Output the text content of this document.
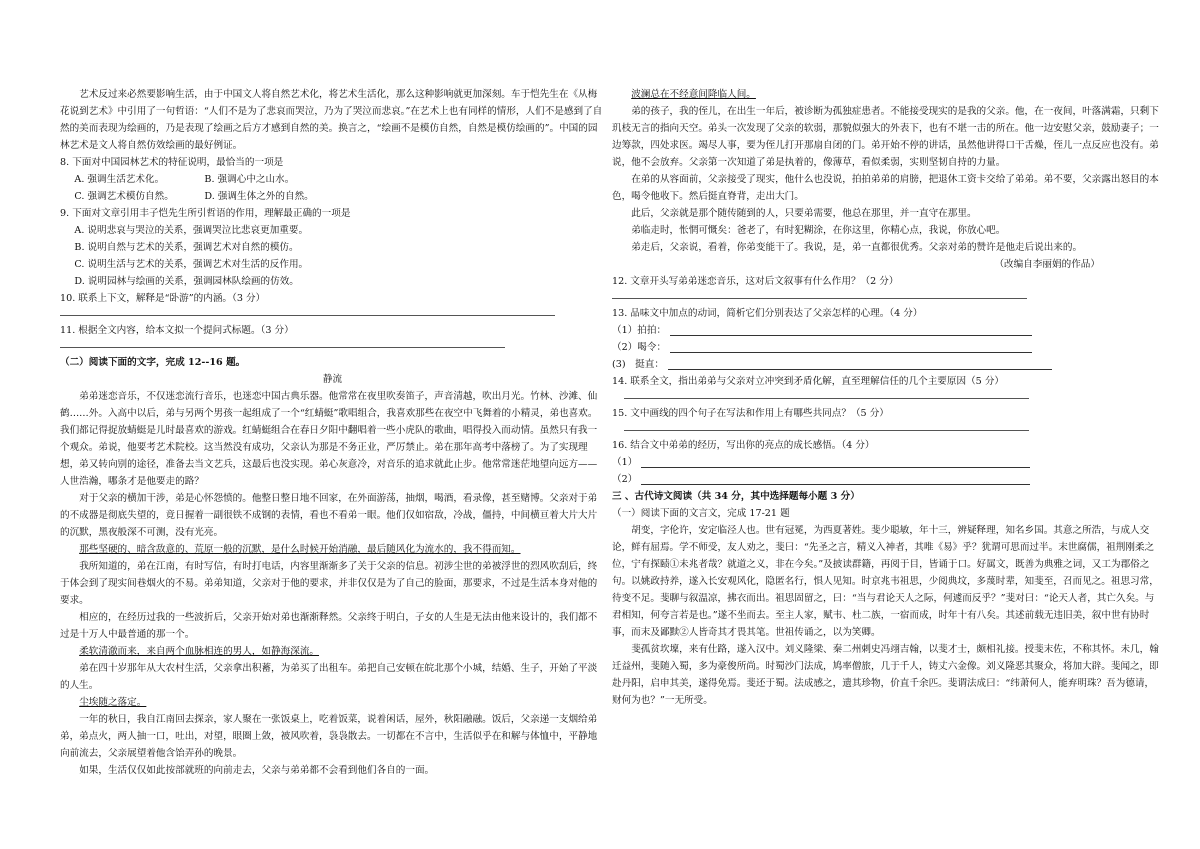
艺术反过来必然要影响生活，由于中国文人将自然艺术化，将艺术生活化，那么这种影响就更加深刻。车于恺先生在《从梅花说到艺术》中引用了一句哲语：“人们不是为了悲哀而哭泣，乃为了哭泣而悲哀。”在艺术上也有同样的情形，人们不是感到了自然的美而表现为绘画的，乃是表现了绘画之后方才感到自然的美。换言之，“绘画不是模仿自然，自然是模仿绘画的”。中国的园林艺术是文人将自然仿效绘画的最好例证。

8. 下面对中国园林艺术的特征说明，最恰当的一项是

A. 强调生活艺术化。	B. 强调心中之山水。
C. 强调艺术模仿自然。	D. 强调生体之外的自然。

9. 下面对文章引用丰子恺先生所引哲语的作用，理解最正确的一项是

A. 说明悲哀与哭泣的关系，强调哭泣比悲哀更加重要。

B. 说明自然与艺术的关系，强调艺术对自然的模仿。

C. 说明生活与艺术的关系，强调艺术对生活的反作用。

D. 说明园林与绘画的关系，强调园林队绘画的仿效。

10. 联系上下文，解释是“卧游”的内涵。（3 分）

11. 根据全文内容，给本文拟一个提问式标题。（3 分）

（二）阅读下面的文字，完成 12--16 题。

静流

弟弟迷恋音乐，不仅迷恋流行音乐，也迷恋中国古典乐器。他常常在夜里吹奏笛子，声音清越，吹出月光。竹林、沙滩、仙鹤……外。入高中以后，弟与另两个男孩一起组成了一个“红蜻蜓”歌唱组合，我喜欢那些在夜空中飞舞着的小精灵，弟也喜欢。我们都记得捉放蜻蜓是儿时最喜欢的游戏。红蜻蜓组合在春日夕阳中翻唱着一些小虎队的歌曲，唱得投入而动情。虽然只有我一个观众。弟说，他要考艺术院校。这当然没有成功，父亲认为那是不务正业，严厉禁止。弟在那年高考中落榜了。为了实现理想，弟又转向别的途径，准备去当文艺兵，这最后也没实现。弟心灰意冷，对音乐的追求就此止步。他常常迷茫地望向远方——人世浩瀚，哪条才是他要走的路？

对于父亲的横加干涉，弟是心怀怨愤的。他整日整日地不回家，在外面游荡，抽烟，喝酒，看录像，甚至赌博。父亲对于弟的不成器是彻底失望的，竟日握着一副很铁不成钢的表情，看也不看弟一眼。他们仅如宿敌，冷战，僵持，中间横亘着大片大片的沉默，黑夜般深不可测，没有光亮。

那些坚硬的、暗含敌意的、荒原一般的沉默，是什么时候开始消融，最后随风化为流水的，我不得而知。

我所知道的，弟在江南，有时写信，有时打电话，内容里渐渐多了关于父亲的信息。初涉尘世的弟被浮世的烈风吹刮后，终于体会到了现实间巷烟火的不易。弟弟知道，父亲对于他的要求，并非仅仅是为了自己的脸面，那要求，不过是生活本身对他的要求。

相应的，在经历过我的一些波折后，父亲开始对弟也渐渐释然。父亲终于明白，子女的人生是无法由他来设计的，我们都不过是十万人中最普通的那一个。

柔软清澈而来，来自两个血脉相连的男人，如静海深流。

弟在四十岁那年从大农村生活，父亲拿出积蓄，为弟买了出租车。弟把自己安顿在皖北那个小城，结婚、生子，开始了平淡的人生。

尘埃随之落定。

一年的秋日，我自江南回去探亲，家人聚在一张饭桌上，吃着饭菜，说着闲话，屋外，秋阳融融。饭后，父亲递一支烟给弟弟，弟点火，两人抽一口，吐出，对望，眼圈上敛，被风吹着，袅袅散去。一切都在不言中，生活似乎在和解与体恤中，平静地向前流去，父亲展望着他含饴弄孙的晚景。

如果，生活仅仅如此按部就班的向前走去，父亲与弟弟都不会看到他们各自的一面。

波澜总在不经意间降临人间。

弟的孩子，我的侄儿，在出生一年后，被诊断为孤独症患者。不能接受现实的是我的父亲。他，在一夜间，叶落满霜，只剩下玑枝无言的指向天空。弟头一次发现了父亲的软弱，那貌似强大的外表下，也有不堪一击的所在。他一边安慰父亲，鼓励妻子；一边筹款，四处求医。竭尽人事，要为侄儿打开那扇自闭的门。弟开始不停的讲话，虽然他讲得口干舌燥，侄儿一点反应也没有。弟说，他不会放弃。父亲第一次知道了弟是执着的，像薄草，看似柔弱，实则坚韧自持的力量。

在弟的从容面前，父亲接受了现实，他什么也没说，拍拍弟弟的肩膀，把退休工资卡交给了弟弟。弟不要，父亲露出怒目的本色，喝令他收下。然后挺直脊背，走出大门。

此后，父亲就是那个随传随到的人，只要弟需要，他总在那里，并一直守在那里。

弟临走时，怅惘可慨矣：爸老了，有时犯糊涂，在你这里，你精心点，我说，你放心吧。

弟走后，父亲说，看着，你弟变能干了。我说，是，弟一直都很优秀。父亲对弟的赞许是他走后说出来的。

（改编自李丽娟的作品）

12. 文章开头写弟弟迷恋音乐，这对后文叙事有什么作用？（2 分）

13. 品味文中加点的动词，简析它们分别表达了父亲怎样的心理。（4 分）

（1）拍拍：
（2）喝令：
(3)　挺直：

14. 联系全文，指出弟弟与父亲对立冲突到矛盾化解，直至理解信任的几个主要原因（5 分）

15. 文中画线的四个句子在写法和作用上有哪些共同点？（5 分）

16. 结合文中弟弟的经历，写出你的亮点的成长感悟。（4 分）

（1）
（2）

三 、古代诗文阅读（共 34 分，其中选择题每小题 3 分）

（一）阅读下面的文言文，完成 17-21 题

胡变，字伦许，安定临泾人也。世有冠冕，为西夏著姓。斐少聪敏，年十三，辨疑释理，知名乡国。其意之所浩，与成人交论，鲜有屈焉。学不师受，友人劝之，斐曰：“先圣之言，精义入神者，其唯《易》乎？犹谓可思而过半。末世腐儒，祖荆刚柔之位，宁有探赜①未兆者哉？就道之义，非在今矣。”及披读群籍，再阅于目，皆诵于口。好属文，既善为典雅之词，又工为郡俗之句。以姚政持养，遂入长安观风化，隐匿名行，惧人见知。时京兆韦祖思，少阅典坟，多蔑时辈，知斐至，召而见之。祖思习常，待变不足。斐聊与叙温凉，拂衣而出。祖思固留之，曰：“当与君论天人之际，何遽而反乎？”斐对曰：“论天人者，其亡久矣。与君相知，何夸言若是也。”遂不坐而去。至主人家，赋韦、杜二族，一宿而成，时年十有八矣。其述前载无违旧美，叙中世有协时事，而末及鄙黩②人皆奇其才畏其笔。世祖传诵之，以为笑卿。

斐孤贫坎壈，来有仕路，遂入汉中。刘义隆梁、秦二州刺史冯翊吉翰，以斐才士，颇相礼接。授斐末佐，不称其怀。未几，翰迁益州，斐随入蜀，多为豪俊所尚。时蜀沙门法成，鸠率僧旅，几于千人，铸丈六金像。刘义隆恶其聚众，将加大辟。斐闻之，即赴丹阳，启申其美，遂得免焉。斐还于蜀。法成感之，遗其珍物，价直千余匹。斐谓法成曰：“纬萧何人，能弃明珠？吾为德请，财何为也？”一无所受。
